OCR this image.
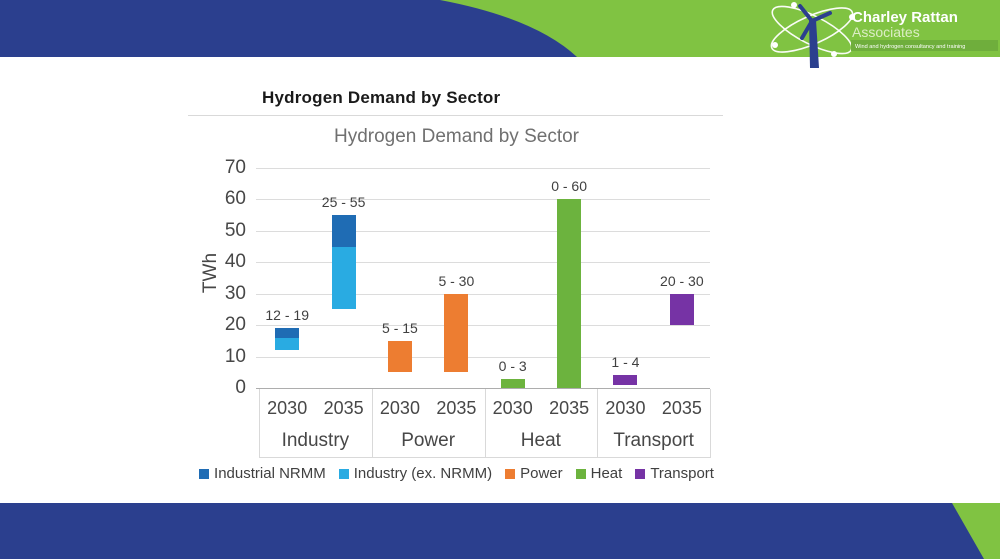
Charley Rattan
Associates
Wind and hydrogen consultancy and training
Hydrogen Demand by Sector
Hydrogen Demand by Sector
TWh
Industrial NRMM Industry (ex. NRMM) Power Heat Transport
0
10
20
30
40
50
60
70
12 - 19
25 - 55
5 - 15
5 - 30
0 - 3
0 - 60
1 - 4
20 - 30
2030 2035
Industry
2030 2035
Power
2030 2035
Heat
2030 2035
Transport
